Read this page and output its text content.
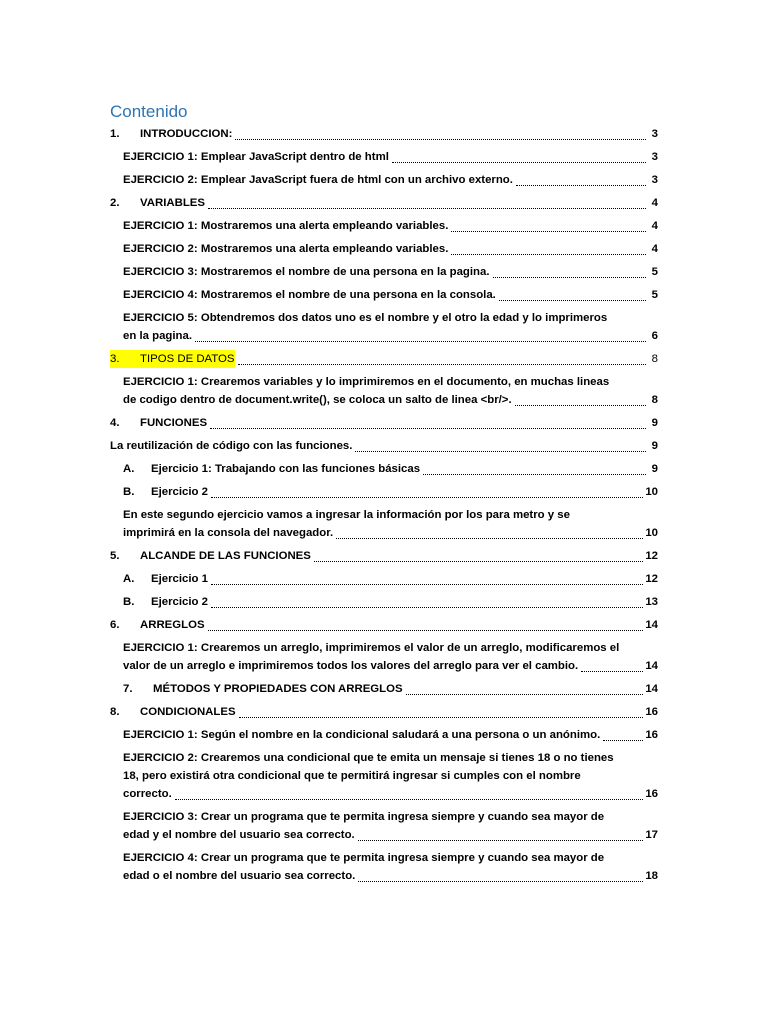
Contenido
1.	INTRODUCCION:	3
EJERCICIO 1: Emplear JavaScript dentro de html	3
EJERCICIO 2: Emplear JavaScript fuera de html con un archivo externo.	3
2.	VARIABLES	4
EJERCICIO 1: Mostraremos una alerta empleando variables.	4
EJERCICIO 2: Mostraremos una alerta empleando variables.	4
EJERCICIO 3: Mostraremos el nombre de una persona en la pagina.	5
EJERCICIO 4: Mostraremos el nombre de una persona en la consola.	5
EJERCICIO 5: Obtendremos dos datos uno es el nombre y el otro la edad y lo imprimeros
en la pagina.	6
3.	TIPOS DE DATOS	8
EJERCICIO 1: Crearemos variables y lo imprimiremos en el documento, en muchas lineas
de codigo dentro de document.write(), se coloca un salto de linea <br/>.	8
4.	FUNCIONES	9
La reutilización de código con las funciones.	9
A.	Ejercicio 1: Trabajando con las funciones básicas	9
B.	Ejercicio 2	10
En este segundo ejercicio vamos a ingresar la información por los para metro y se
imprimirá en la consola del navegador.	10
5.	ALCANDE DE LAS FUNCIONES	12
A.	Ejercicio 1	12
B.	Ejercicio 2	13
6.	ARREGLOS	14
EJERCICIO 1: Crearemos un arreglo, imprimiremos el valor de un arreglo, modificaremos el
valor de un arreglo e imprimiremos todos los valores del arreglo para ver el cambio.	14
7.	MÉTODOS Y PROPIEDADES CON ARREGLOS	14
8.	CONDICIONALES	16
EJERCICIO 1: Según el nombre en la condicional saludará a una persona o un anónimo.	16
EJERCICIO 2: Crearemos una condicional que te emita un mensaje si tienes 18 o no tienes
18, pero existirá otra condicional que te permitirá ingresar si cumples con el nombre
correcto.	16
EJERCICIO 3: Crear un programa que te permita ingresa siempre y cuando sea mayor de
edad y el nombre del usuario sea correcto.	17
EJERCICIO 4: Crear un programa que te permita ingresa siempre y cuando sea mayor de
edad o el nombre del usuario sea correcto.	18
